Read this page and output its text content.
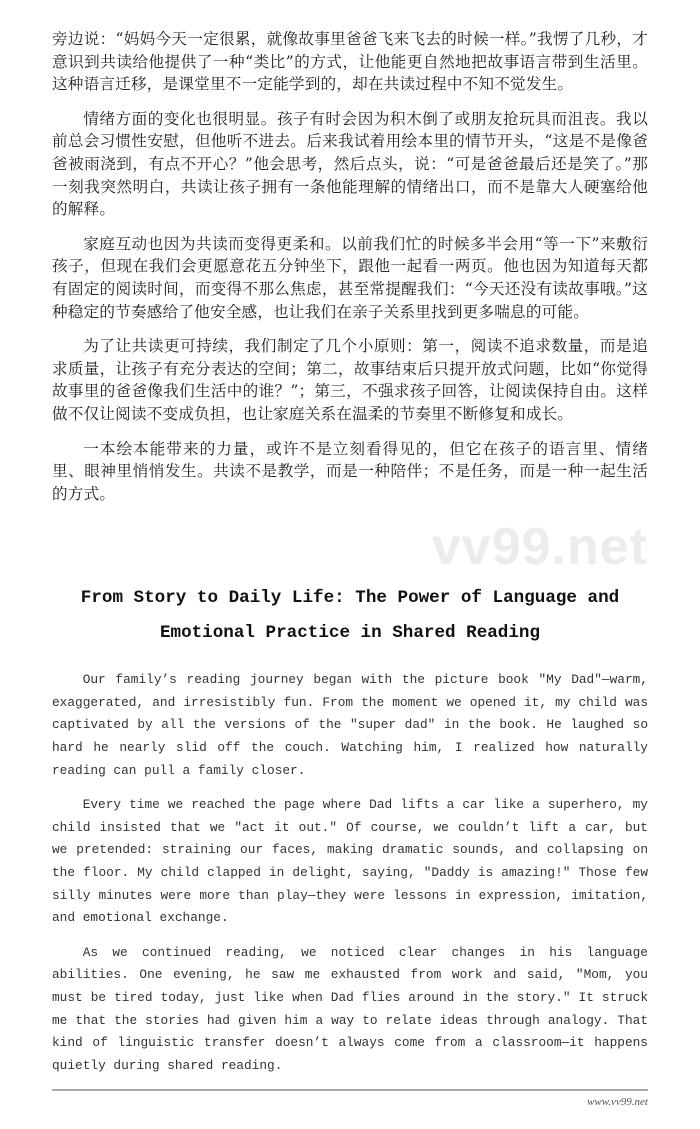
旁边说：“妈妈今天一定很累，就像故事里爸爸飞来飞去的时候一样。”我愣了几秒，才意识到共读给他提供了一种“类比”的方式，让他能更自然地把故事语言带到生活里。这种语言迁移，是课堂里不一定能学到的，却在共读过程中不知不觉发生。

情绪方面的变化也很明显。孩子有时会因为积木倒了或朋友抢玩具而沮丧。我以前总会习惯性安慰，但他听不进去。后来我试着用绘本里的情节开头，“这是不是像爸爸被雨浇到，有点不开心？”他会思考，然后点头，说：“可是爸爸最后还是笑了。”那一刻我突然明白，共读让孩子拥有一条他能理解的情绪出口，而不是靠大人硬塞给他的解释。

家庭互动也因为共读而变得更柔和。以前我们忙的时候多半会用“等一下”来敷衍孩子，但现在我们会更愿意花五分钟坐下，跟他一起看一两页。他也因为知道每天都有固定的阅读时间，而变得不那么焦虑，甚至常提醒我们：“今天还没有读故事哦。”这种稳定的节奏感给了他安全感，也让我们在亲子关系里找到更多喘息的可能。

为了让共读更可持续，我们制定了几个小原则：第一，阅读不追求数量，而是追求质量，让孩子有充分表达的空间；第二，故事结束后只提开放式问题，比如“你觉得故事里的爸爸像我们生活中的谁？”；第三，不强求孩子回答，让阅读保持自由。这样做不仅让阅读不变成负担，也让家庭关系在温柔的节奏里不断修复和成长。

一本绘本能带来的力量，或许不是立刻看得见的，但它在孩子的语言里、情绪里、眼神里悄悄发生。共读不是教学，而是一种陪伴；不是任务，而是一种一起生活的方式。

vv99.net
From Story to Daily Life: The Power of Language and
Emotional Practice in Shared Reading

Our family’s reading journey began with the picture book "My Dad"—warm, exaggerated, and irresistibly fun. From the moment we opened it, my child was captivated by all the versions of the "super dad" in the book. He laughed so hard he nearly slid off the couch. Watching him, I realized how naturally reading can pull a family closer.

Every time we reached the page where Dad lifts a car like a superhero, my child insisted that we "act it out." Of course, we couldn’t lift a car, but we pretended: straining our faces, making dramatic sounds, and collapsing on the floor. My child clapped in delight, saying, "Daddy is amazing!" Those few silly minutes were more than play—they were lessons in expression, imitation, and emotional exchange.

As we continued reading, we noticed clear changes in his language abilities. One evening, he saw me exhausted from work and said, "Mom, you must be tired today, just like when Dad flies around in the story." It struck me that the stories had given him a way to relate ideas through analogy. That kind of linguistic transfer doesn’t always come from a classroom—it happens quietly during shared reading.

www.vv99.net
